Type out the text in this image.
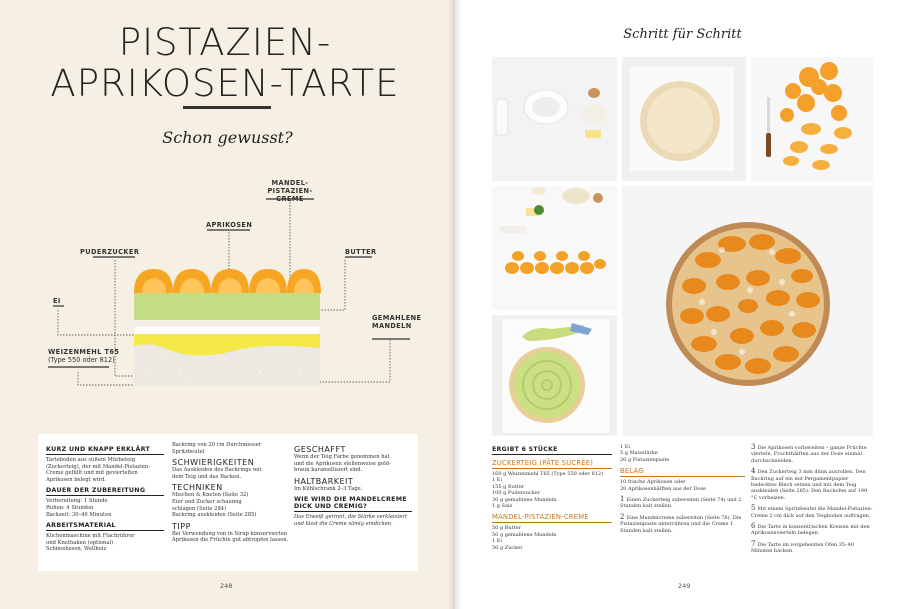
PISTAZIEN-
APRIKOSEN-TARTE
Schon gewusst?
MANDEL-
PISTAZIEN-CREME
APRIKOSEN
PUDERZUCKER	BUTTER
EI
GEMAHLENE
MANDELN
WEIZENMEHL T65
(Type 550 oder 812)
KURZ UND KNAPP ERKLÄRT
Tarteboden aus süßem Mürbeteig (Zuckerteig), der mit Mandel-Pistazien-Creme gefüllt und mit geviertelten Aprikosen belegt wird.
DAUER DER ZUBEREITUNG
Vorbereitung: 1 Stunde
Ruhen: 4 Stunden
Backzeit: 30–40 Minuten
ARBEITSMATERIAL
Küchenmaschine mit Flachrührer
und Knethaken (optional)
Schneebesen, Wellholz
Backring von 20 cm Durchmesser
Spritzbeutel
SCHWIERIGKEITEN
Das Auskleiden des Backrings mit
dem Teig und das Backen.
TECHNIKEN
Mischen & Kneten (Seite 32)
Eier und Zucker schaumig
schlagen (Seite 284)
Backring auskleiden (Seite 285)
TIPP
Bei Verwendung von in Sirup konservierten
Aprikosen die Früchte gut abtropfen lassen.
GESCHAFFT
Wenn der Teig Farbe genommen hat
und die Aprikosen stellenweise gold-
braun karamellisiert sind.
HALTBARKEIT
Im Kühlschrank 2–3 Tage.
WIE WIRD DIE MANDELCREME
DICK UND CREMIG?
Das Eiweiß gerinnt, die Stärke verkleistert
und lässt die Creme sämig eindicken.
248
Schritt für Schritt
ERGIBT 6 STÜCKE
ZUCKERTEIG (PÂTE SUCRÉE)
160 g Weizenmehl T65 (Type 550 oder 812)
1 Ei
155 g Butter
100 g Puderzucker
30 g gemahlene Mandeln
1 g Salz
MANDEL-PISTAZIEN-CREME
50 g Butter
50 g gemahlene Mandeln
1 Ei
50 g Zucker
1 Ei
5 g Maisstärke
20 g Pistazienpaste
BELAG
10 frische Aprikosen oder
20 Aprikosenhälften aus der Dose
1 Einen Zuckerteig zubereiten (Seite 74) und 2 Stunden kalt stellen.
2 Eine Mandelcreme zubereiten (Seite 78). Die Pistazienpaste unterrühren und die Creme 1 Stunden kalt stellen.
3 Die Aprikosen vorbereiten – ganze Früchte vierteln, Fruchthälften aus der Dose einmal durchschneiden.
4 Den Zuckerteig 3 mm dünn ausrollen. Den Backring auf ein mit Pergamentpapier bedecktes Blech setzen und mit dem Teig auskleiden (Seite 285). Den Backofen auf 190 °C vorheizen.
5 Mit einem Spritzbeutel die Mandel-Pistazien-Creme 2 cm dick auf den Teigboden auftragen.
6 Die Tarte in konzentrischen Kreisen mit den Aprikosenvierteln belegen.
7 Die Tarte im vorgeheizten Ofen 35–40 Minuten backen.
249
